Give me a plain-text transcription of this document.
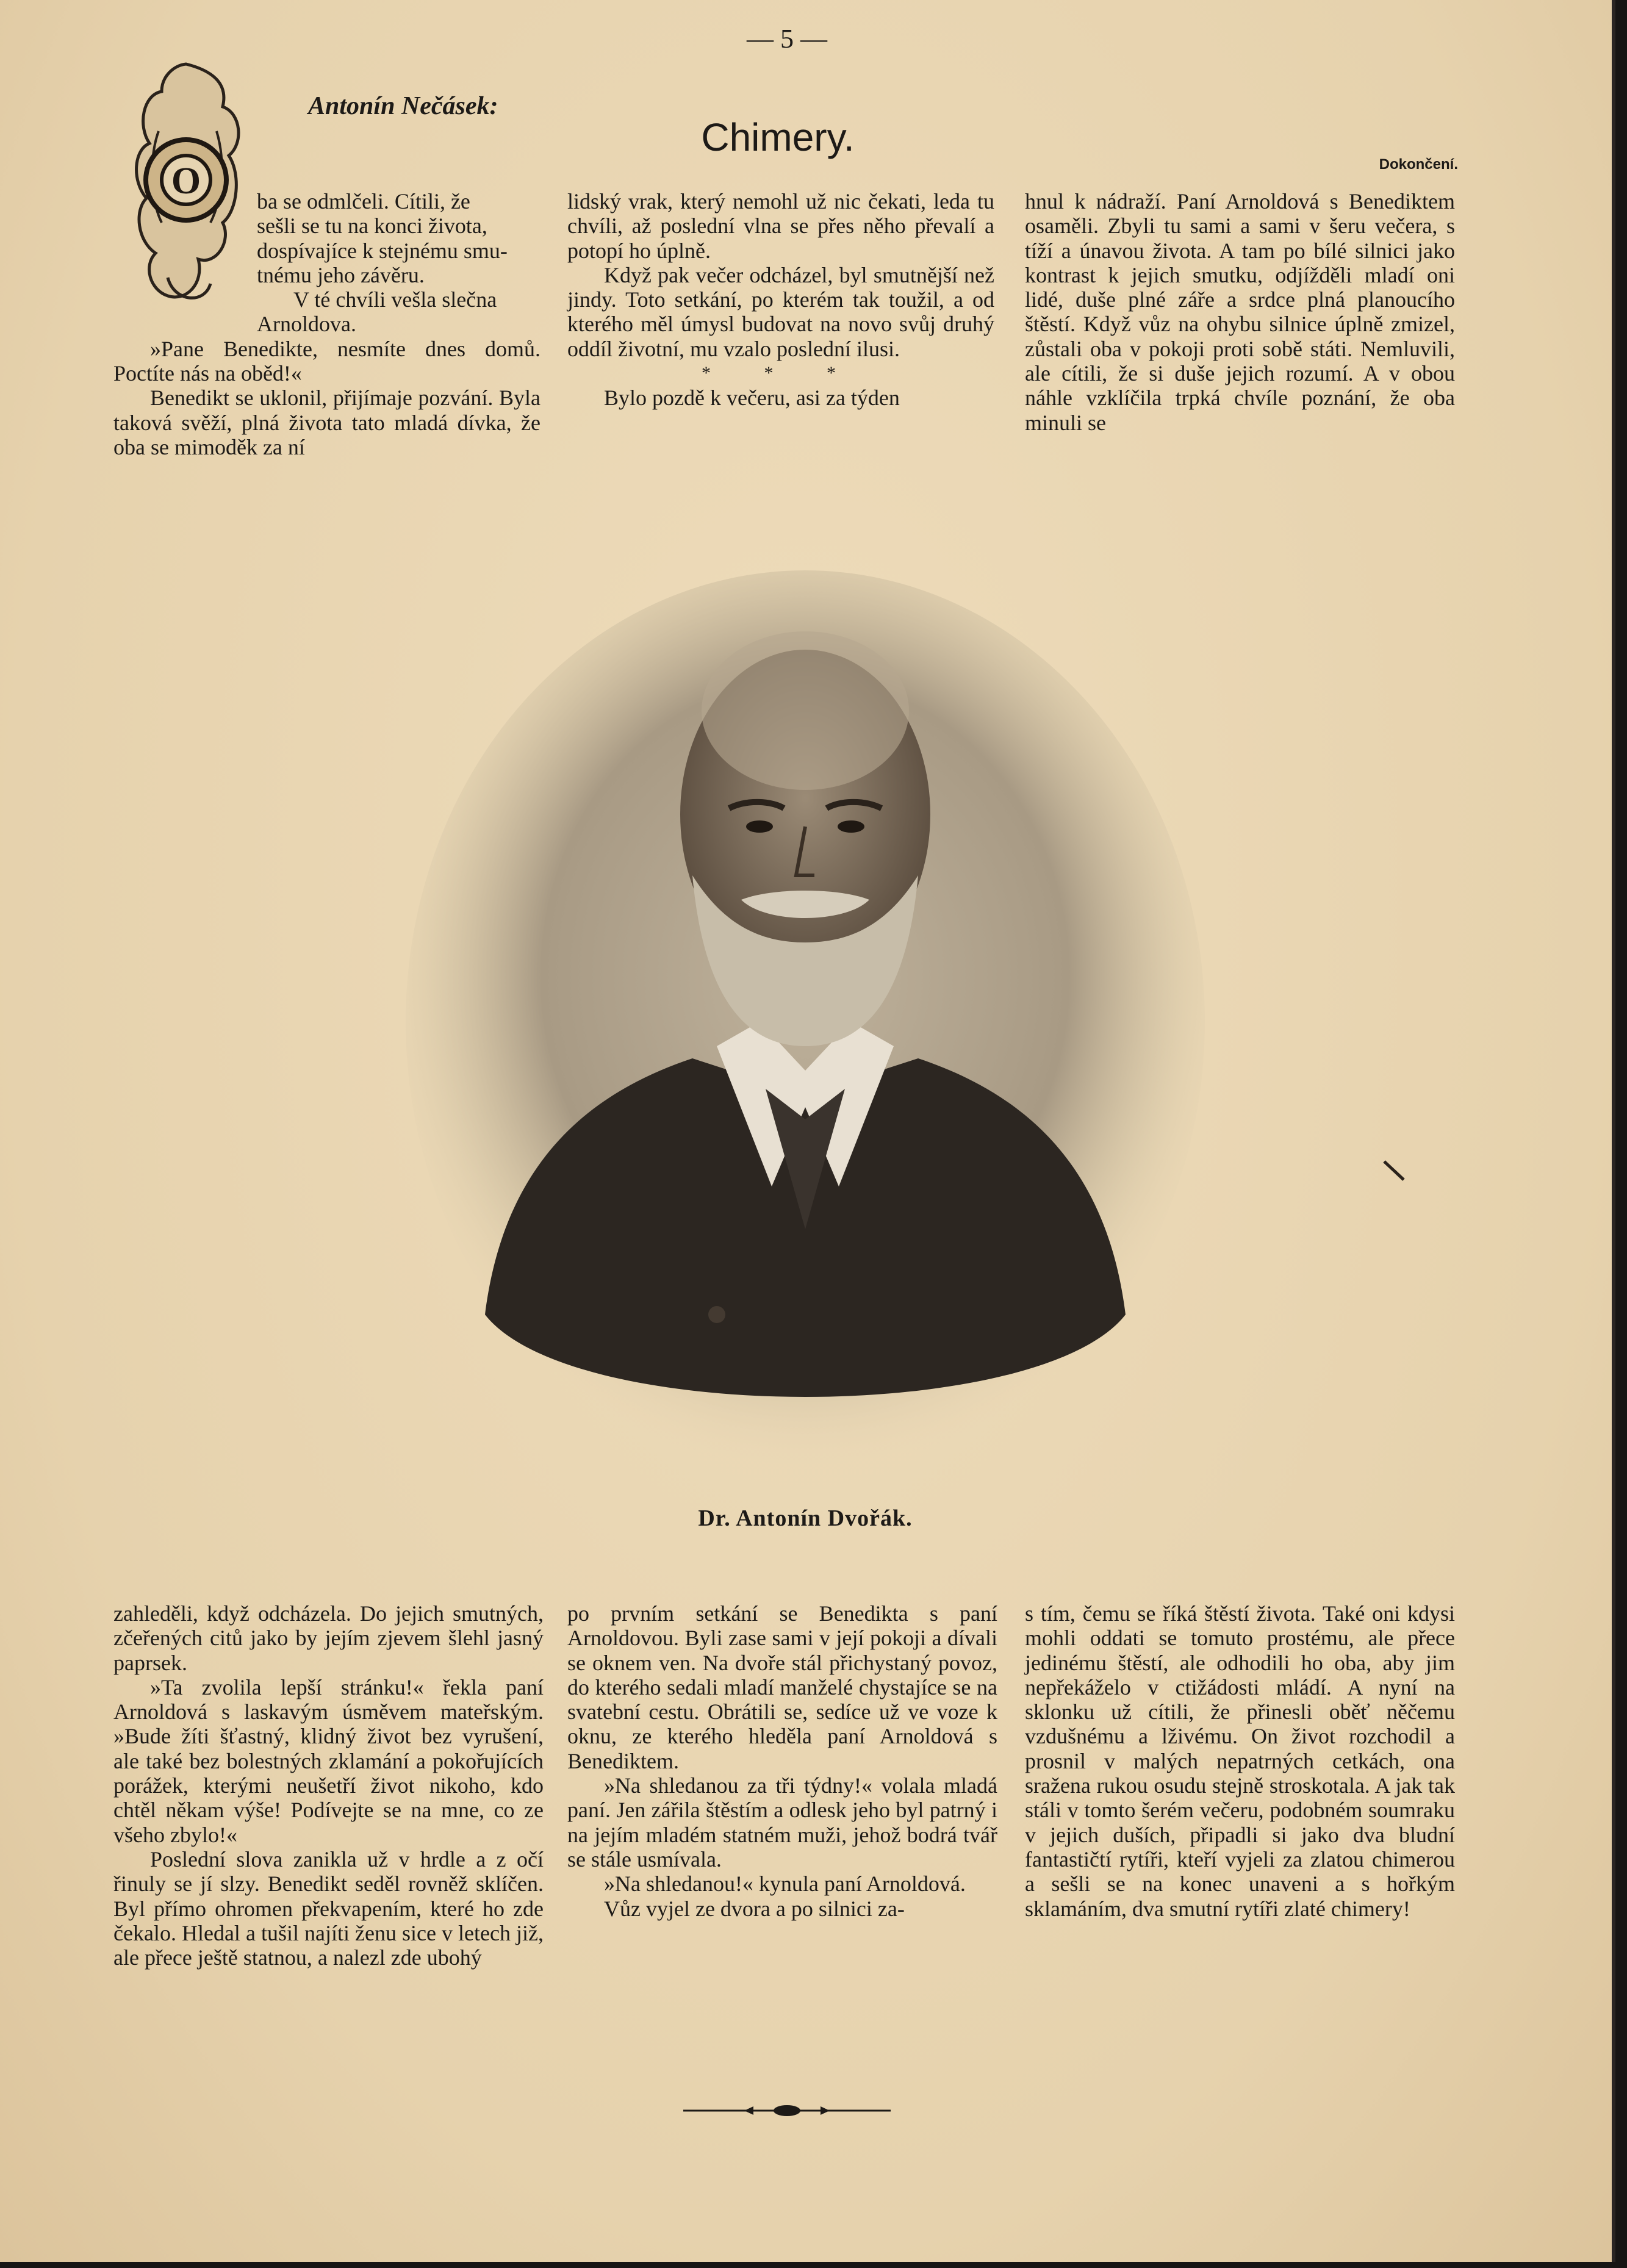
— 5 —
Antonín Nečásek:
Chimery.
Dokončení.
O	ba se odmlčeli. Cítili, že
sešli se tu na konci života,
dospívajíce k stejnému smu-
tnému jeho závěru.
V té chvíli vešla slečna
Arnoldova.

»Pane Benedikte, nesmíte dnes domů. Poctíte nás na oběd!«

Benedikt se uklonil, přijímaje pozvání. Byla taková svěží, plná života tato mladá dívka, že oba se mimoděk za ní

lidský vrak, který nemohl už nic čekati, leda tu chvíli, až poslední vlna se přes něho převalí a potopí ho úplně.

Když pak večer odcházel, byl smutnější než jindy. Toto setkání, po kterém tak toužil, a od kterého měl úmysl budovat na novo svůj druhý oddíl životní, mu vzalo poslední ilusi.

* * *

Bylo pozdě k večeru, asi za týden

hnul k nádraží. Paní Arnoldová s Benediktem osaměli. Zbyli tu sami a sami v šeru večera, s tíží a únavou života. A tam po bílé silnici jako kontrast k jejich smutku, odjížděli mladí oni lidé, duše plné záře a srdce plná planoucího štěstí. Když vůz na ohybu silnice úplně zmizel, zůstali oba v pokoji proti sobě státi. Nemluvili, ale cítili, že si duše jejich rozumí. A v obou náhle vzklíčila trpká chvíle poznání, že oba minuli se

Dr. Antonín Dvořák.

zahleděli, když odcházela. Do jejich smutných, zčeřených citů jako by jejím zjevem šlehl jasný paprsek.

»Ta zvolila lepší stránku!« řekla paní Arnoldová s laskavým úsměvem mateřským. »Bude žíti šťastný, klidný život bez vyrušení, ale také bez bolestných zklamání a pokořujících porážek, kterými neušetří život nikoho, kdo chtěl někam výše! Podívejte se na mne, co ze všeho zbylo!«

Poslední slova zanikla už v hrdle a z očí řinuly se jí slzy. Benedikt seděl rovněž sklíčen. Byl přímo ohromen překvapením, které ho zde čekalo. Hledal a tušil najíti ženu sice v letech již, ale přece ještě statnou, a nalezl zde ubohý

po prvním setkání se Benedikta s paní Arnoldovou. Byli zase sami v její pokoji a dívali se oknem ven. Na dvoře stál přichystaný povoz, do kterého sedali mladí manželé chystajíce se na svatební cestu. Obrátili se, sedíce už ve voze k oknu, ze kterého hleděla paní Arnoldová s Benediktem.

»Na shledanou za tři týdny!« volala mladá paní. Jen zářila štěstím a odlesk jeho byl patrný i na jejím mladém statném muži, jehož bodrá tvář se stále usmívala.

»Na shledanou!« kynula paní Arnoldová.

Vůz vyjel ze dvora a po silnici za-

s tím, čemu se říká štěstí života. Také oni kdysi mohli oddati se tomuto prostému, ale přece jedinému štěstí, ale odhodili ho oba, aby jim nepřekáželo v ctižádosti mládí. A nyní na sklonku už cítili, že přinesli oběť něčemu vzdušnému a lživému. On život rozchodil a prosnil v malých nepatrných cetkách, ona sražena rukou osudu stejně stroskotala. A jak tak stáli v tomto šerém večeru, podobném soumraku v jejich duších, připadli si jako dva bludní fantastičtí rytíři, kteří vyjeli za zlatou chimerou a sešli se na konec unaveni a s hořkým sklamáním, dva smutní rytíři zlaté chimery!
